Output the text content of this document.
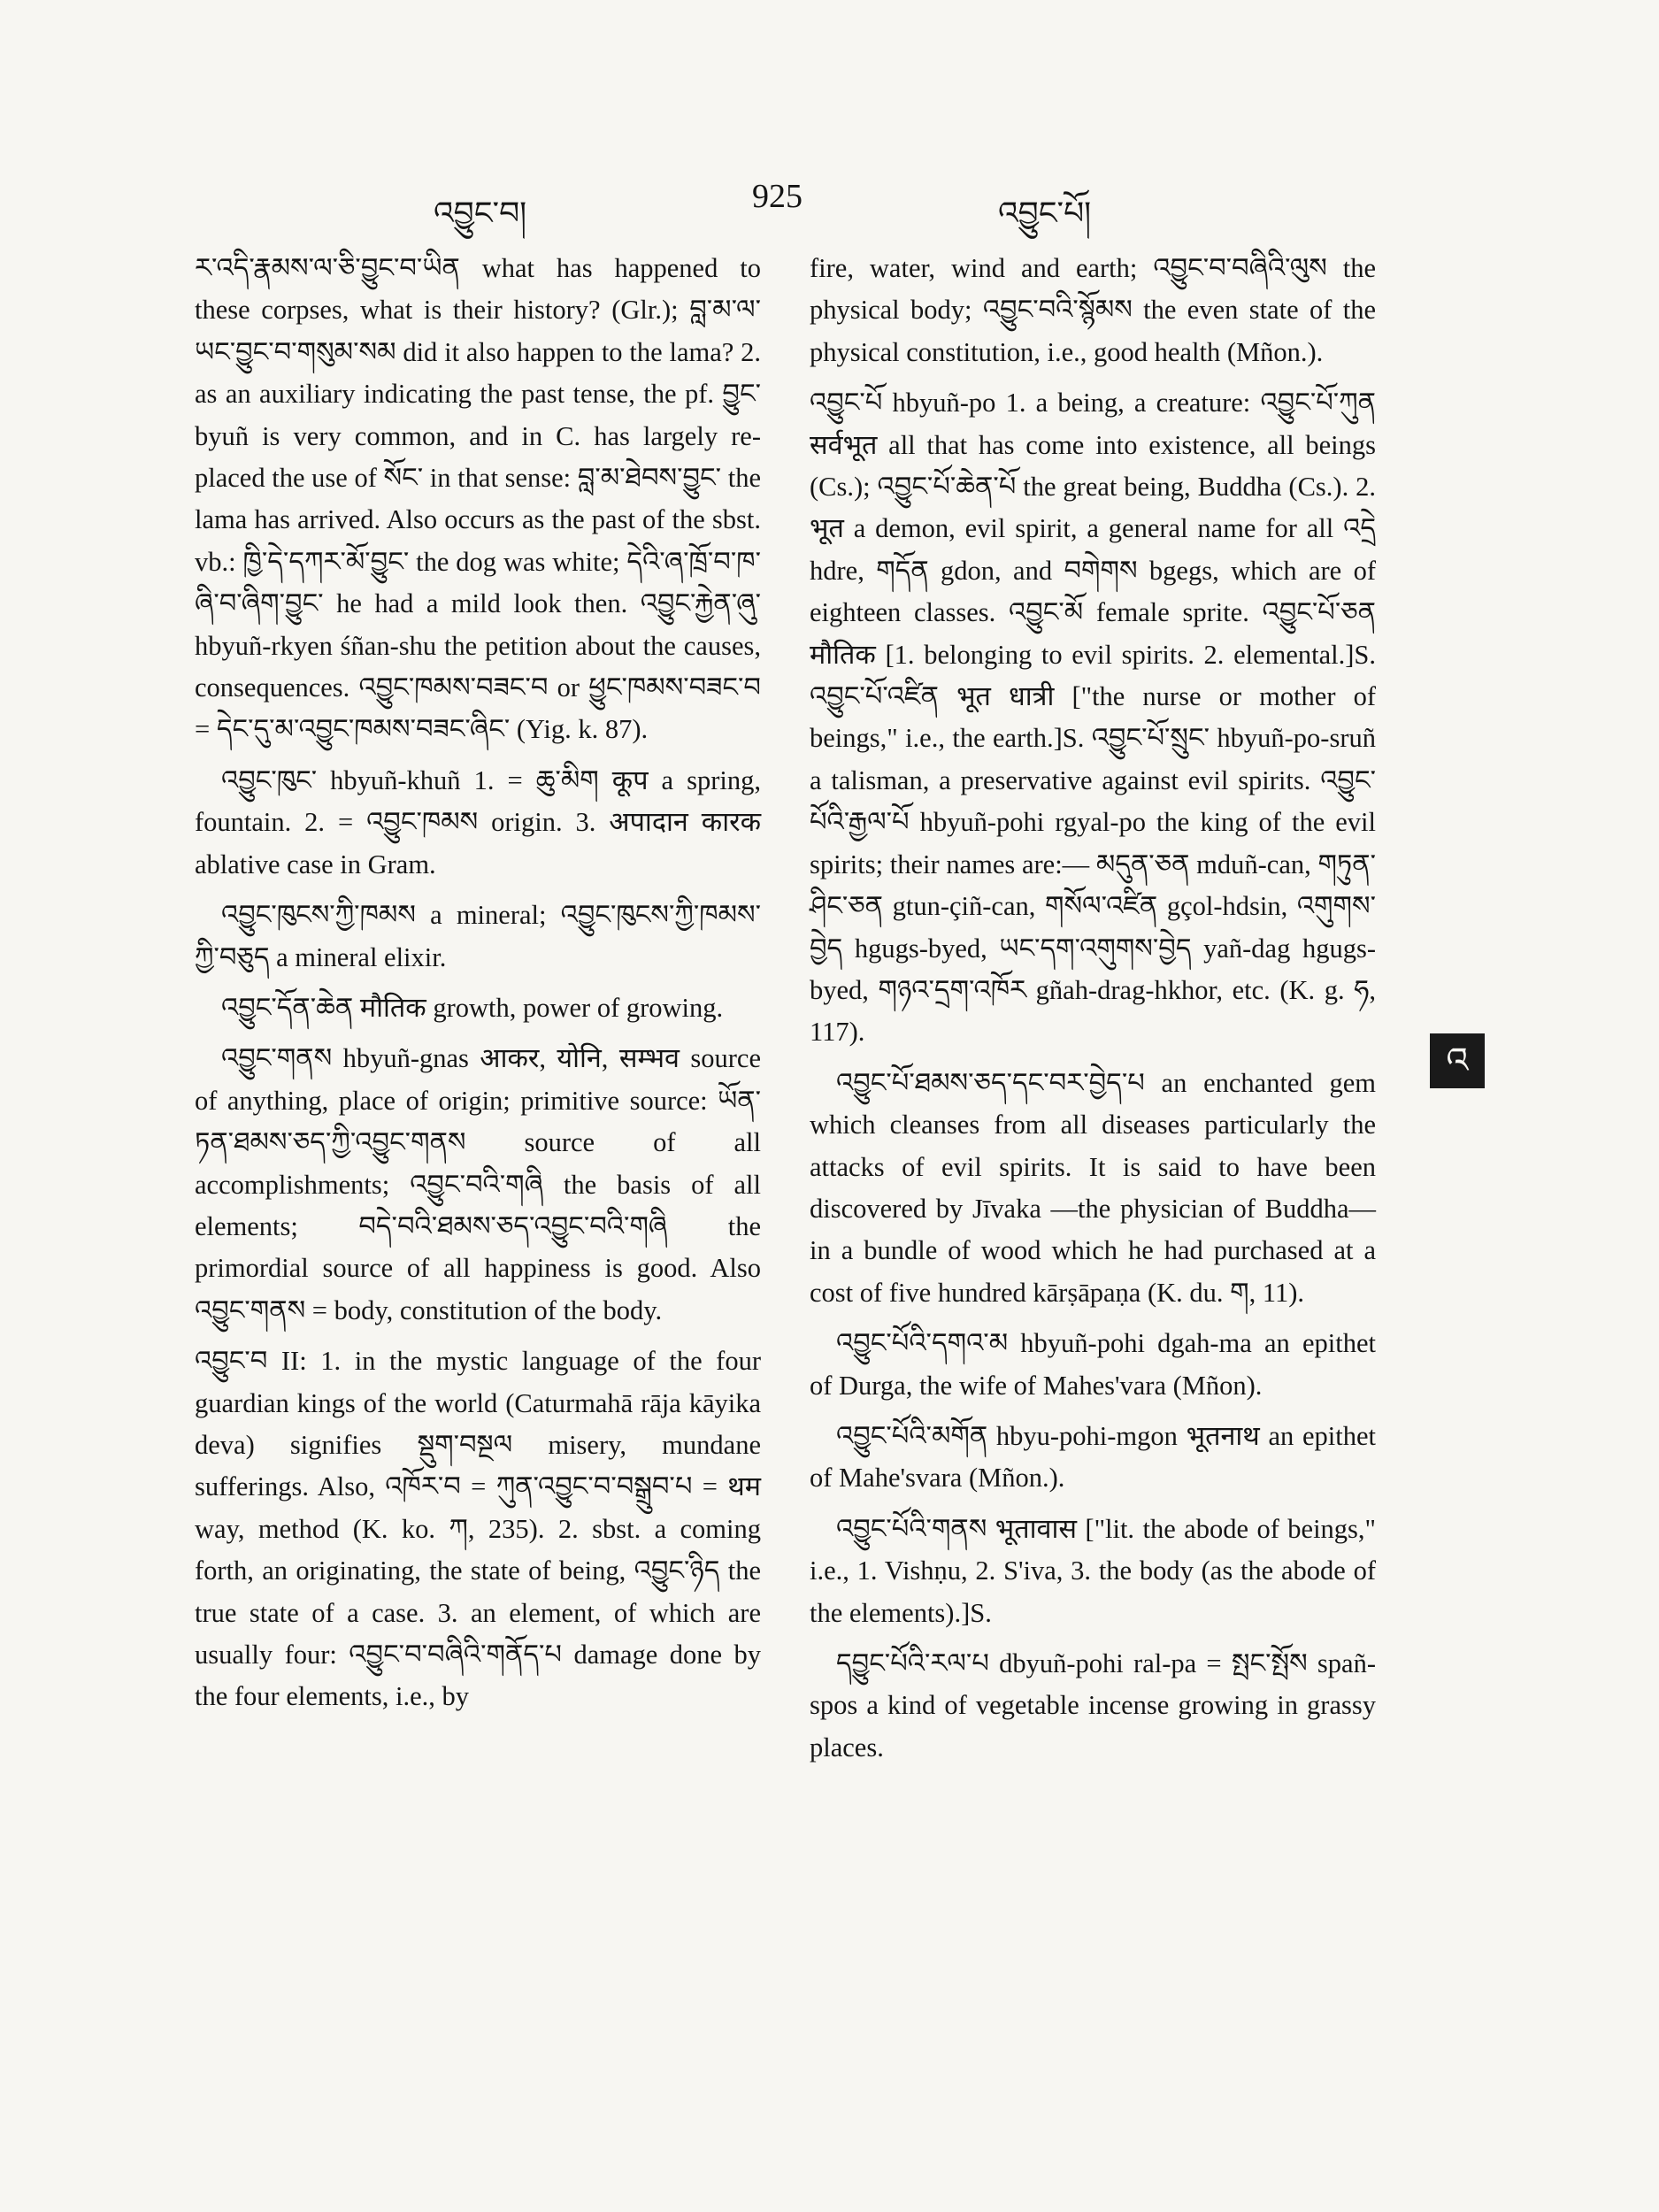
འབྱུང་བ།	925	འབྱུང་པོ།

ར་འདི་རྣམས་ལ་ཅི་བྱུང་བ་ཡིན what has happened to these corpses, what is their history? (Glr.); བླ་མ་ལ་ཡང་བྱུང་བ་གསུམ་སམ did it also happen to the lama? 2. as an auxiliary indicating the past tense, the pf. བྱུང་ byuñ is very common, and in C. has largely re-placed the use of སོང་ in that sense: བླ་མ་ཐེབས་བྱུང་ the lama has arrived. Also occurs as the past of the sbst. vb.: ཁྱི་དེ་དཀར་མོ་བྱུང་ the dog was white; དེའི་ཞ་ཁྲོ་བ་ཁ་ཞི་བ་ཞིག་བྱུང་ he had a mild look then. འབྱུང་རྐྱེན་ཞུ་ hbyuñ-rkyen śñan-shu the petition about the causes, consequences. འབྱུང་ཁམས་བཟང་བ or ཕྱུང་ཁམས་བཟང་བ = དེང་དུ་མ་འབྱུང་ཁམས་བཟང་ཞིང་ (Yig. k. 87).

འབྱུང་ཁུང་ hbyuñ-khuñ 1. = ཆུ་མིག कूप a spring, fountain. 2. = འབྱུང་ཁམས origin. 3. अपादान कारक ablative case in Gram.

འབྱུང་ཁུངས་ཀྱི་ཁམས a mineral; འབྱུང་ཁུངས་ཀྱི་ཁམས་ཀྱི་བཅུད a mineral elixir.

འབྱུང་དོན་ཆེན मौतिक growth, power of growing.

འབྱུང་གནས hbyuñ-gnas आकर, योनि, सम्भव source of anything, place of origin; primitive source: ཡོན་ཏན་ཐམས་ཅད་ཀྱི་འབྱུང་གནས source of all accomplishments; འབྱུང་བའི་གཞི the basis of all elements; བདེ་བའི་ཐམས་ཅད་འབྱུང་བའི་གཞི the primordial source of all happiness is good. Also འབྱུང་གནས = body, constitution of the body.

འབྱུང་བ II: 1. in the mystic language of the four guardian kings of the world (Caturmahā rāja kāyika deva) signifies སྡུག་བསྔལ misery, mundane sufferings. Also, འཁོར་བ = ཀུན་འབྱུང་བ་བསྒྲུབ་པ = थम way, method (K. ko. ཀ, 235). 2. sbst. a coming forth, an originating, the state of being, འབྱུང་ཉིད the true state of a case. 3. an element, of which are usually four: འབྱུང་བ་བཞིའི་གནོད་པ damage done by the four elements, i.e., by

fire, water, wind and earth; འབྱུང་བ་བཞིའི་ལུས the physical body; འབྱུང་བའི་སྙོམས the even state of the physical constitution, i.e., good health (Mñon.).

འབྱུང་པོ hbyuñ-po 1. a being, a creature: འབྱུང་པོ་ཀུན सर्वभूत all that has come into existence, all beings (Cs.); འབྱུང་པོ་ཆེན་པོ the great being, Buddha (Cs.). 2. भूत a demon, evil spirit, a general name for all འདྲེ hdre, གདོན gdon, and བགེགས bgegs, which are of eighteen classes. འབྱུང་མོ female sprite. འབྱུང་པོ་ཅན मौतिक [1. belonging to evil spirits. 2. elemental.]S. འབྱུང་པོ་འཛིན भूत धात्री ["the nurse or mother of beings," i.e., the earth.]S. འབྱུང་པོ་སྲུང་ hbyuñ-po-sruñ a talisman, a preservative against evil spirits. འབྱུང་པོའི་རྒྱལ་པོ hbyuñ-pohi rgyal-po the king of the evil spirits; their names are:— མདུན་ཅན mduñ-can, གཏུན་ཤིང་ཅན gtun-çiñ-can, གསོལ་འཛིན gçol-hdsin, འགུགས་བྱེད hgugs-byed, ཡང་དག་འགུགས་བྱེད yañ-dag hgugs-byed, གཉའ་དྲག་འཁོར gñah-drag-hkhor, etc. (K. g. ཧ, 117).

འབྱུང་པོ་ཐམས་ཅད་དང་བར་བྱེད་པ an enchanted gem which cleanses from all diseases particularly the attacks of evil spirits. It is said to have been discovered by Jīvaka —the physician of Buddha—in a bundle of wood which he had purchased at a cost of five hundred kārṣāpaṇa (K. du. ག, 11).

འབྱུང་པོའི་དགའ་མ hbyuñ-pohi dgah-ma an epithet of Durga, the wife of Mahes'vara (Mñon).

འབྱུང་པོའི་མགོན hbyu-pohi-mgon भूतनाथ an epithet of Mahe'svara (Mñon.).

འབྱུང་པོའི་གནས भूतावास ["lit. the abode of beings," i.e., 1. Vishṇu, 2. S'iva, 3. the body (as the abode of the elements).]S.

དབྱུང་པོའི་རལ་པ dbyuñ-pohi ral-pa = སྤང་སྤོས spañ-spos a kind of vegetable incense growing in grassy places.

འ
